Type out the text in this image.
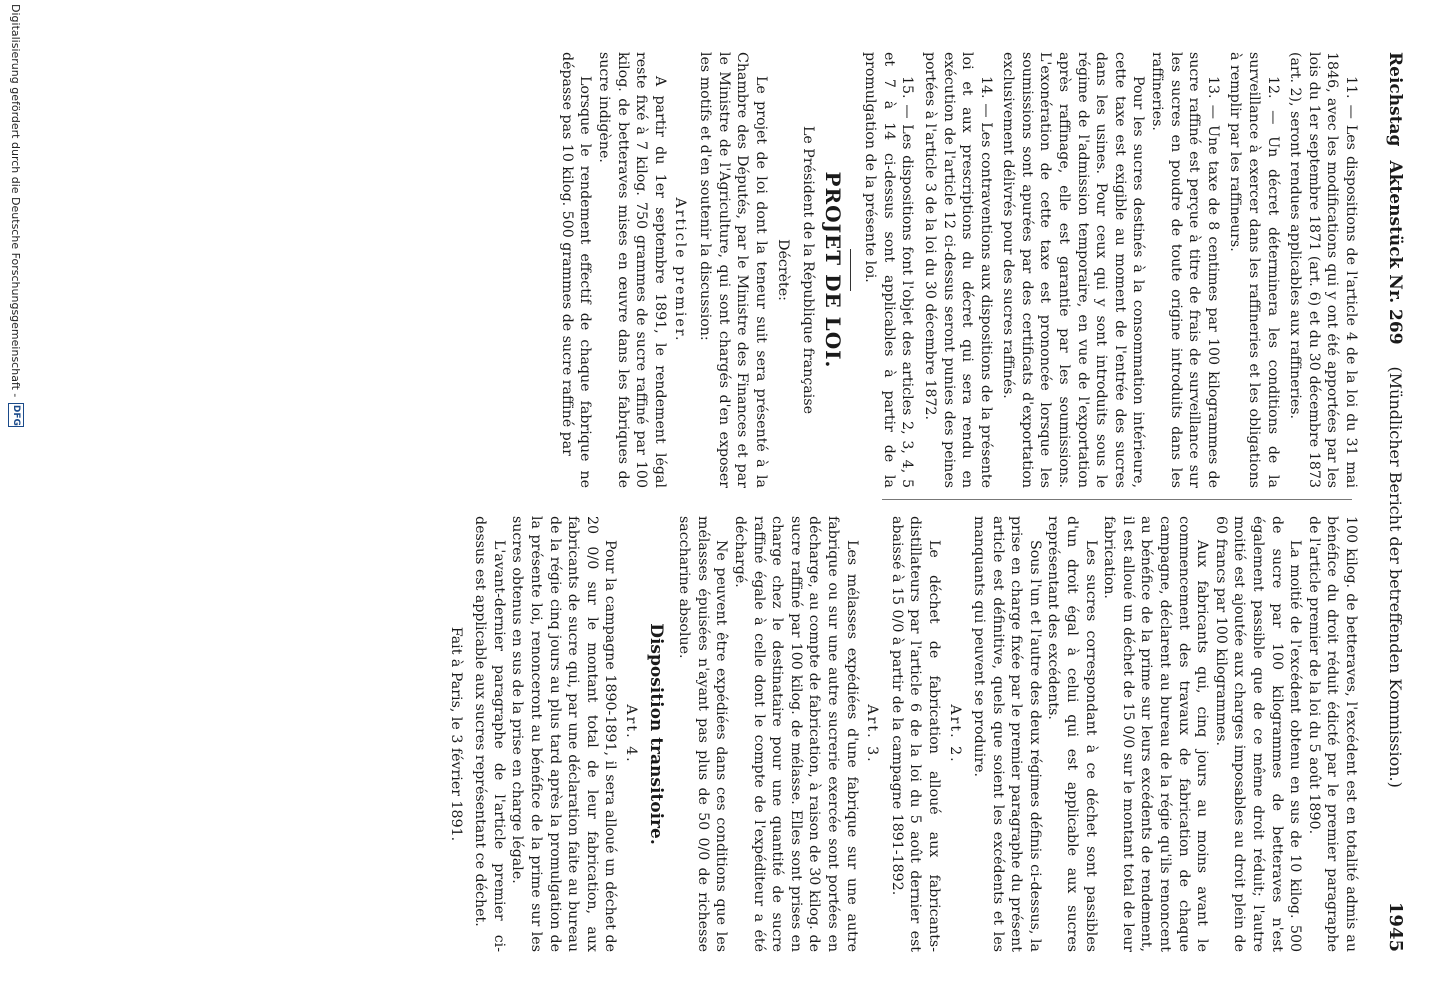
ReichstagAktenstück Nr. 269
(Mündlicher Bericht der betreffenden Kommission.)
1945

11. — Les dispositions de l'article 4 de la loi du 31 mai 1846, avec les modifications qui y ont été apportées par les lois du 1er septembre 1871 (art. 6) et du 30 décembre 1873 (art. 2), seront rendues applicables aux raffineries.

12. — Un décret déterminera les conditions de la surveillance à exercer dans les raffineries et les obligations à remplir par les raffineurs.

13. — Une taxe de 8 centimes par 100 kilogrammes de sucre raffiné est perçue à titre de frais de surveillance sur les sucres en poudre de toute origine introduits dans les raffineries.

Pour les sucres destinés à la consommation intérieure, cette taxe est exigible au moment de l'entrée des sucres dans les usines. Pour ceux qui y sont introduits sous le régime de l'admission temporaire, en vue de l'exportation après raffinage, elle est garantie par les soumissions. L'exonération de cette taxe est prononcée lorsque les soumissions sont apurées par des certificats d'exportation exclusivement délivrés pour des sucres raffinés.

14. — Les contraventions aux dispositions de la présente loi et aux prescriptions du décret qui sera rendu en exécution de l'article 12 ci-dessus seront punies des peines portées à l'article 3 de la loi du 30 décembre 1872.

15. — Les dispositions font l'objet des articles 2, 3, 4, 5 et 7 à 14 ci-dessus sont applicables à partir de la promulgation de la présente loi.

PROJET DE LOI.

Le Président de la République française

Décrète:

Le projet de loi dont la teneur suit sera présenté à la Chambre des Députés, par le Ministre des Finances et par le Ministre de l'Agriculture, qui sont chargés d'en exposer les motifs et d'en soutenir la discussion:

Article premier.

A partir du 1er septembre 1891, le rendement légal reste fixé à 7 kilog. 750 grammes de sucre raffiné par 100 kilog. de betteraves mises en œuvre dans les fabriques de sucre indigène.

Lorsque le rendement effectif de chaque fabrique ne dépasse pas 10 kilog. 500 grammes de sucre raffiné par

100 kilog. de betteraves, l'excédent est en totalité admis au bénéfice du droit réduit édicté par le premier paragraphe de l'article premier de la loi du 5 août 1890.

La moitié de l'excédent obtenu en sus de 10 kilog. 500 de sucre par 100 kilogrammes de betteraves n'est également passible que de ce même droit réduit; l'autre moitié est ajoutée aux charges imposables au droit plein de 60 francs par 100 kilogrammes.

Aux fabricants qui, cinq jours au moins avant le commencement des travaux de fabrication de chaque campagne, déclarent au bureau de la régie qu'ils renoncent au bénéfice de la prime sur leurs excédents de rendement, il est alloué un déchet de 15 0/0 sur le montant total de leur fabrication.

Les sucres correspondant à ce déchet sont passibles d'un droit égal à celui qui est applicable aux sucres représentant des excédents.

Sous l'un et l'autre des deux régimes définis ci-dessus, la prise en charge fixée par le premier paragraphe du présent article est définitive, quels que soient les excédents et les manquants qui peuvent se produire.

Art. 2.

Le déchet de fabrication alloué aux fabricants-distillateurs par l'article 6 de la loi du 5 août dernier est abaissé à 15 0/0 à partir de la campagne 1891-1892.

Art. 3.

Les mélasses expédiées d'une fabrique sur une autre fabrique ou sur une autre sucrerie exercée sont portées en décharge, au compte de fabrication, à raison de 30 kilog. de sucre raffiné par 100 kilog. de mélasse. Elles sont prises en charge chez le destinataire pour une quantité de sucre raffiné égale à celle dont le compte de l'expéditeur a été déchargé.

Ne peuvent être expédiées dans ces conditions que les mélasses épuisées n'ayant pas plus de 50 0/0 de richesse saccharine absolue.

Disposition transitoire.

Art. 4.

Pour la campagne 1890-1891, il sera alloué un déchet de 20 0/0 sur le montant total de leur fabrication, aux fabricants de sucre qui, par une déclaration faite au bureau de la régie cinq jours au plus tard après la promulgation de la présente loi, renonceront au bénéfice de la prime sur les sucres obtenus en sus de la prise en charge légale.

L'avant-dernier paragraphe de l'article premier ci-dessus est applicable aux sucres représentant ce déchet.

Fait à Paris, le 3 février 1891.

Digitalisierung gefördert durch die Deutsche Forschungsgemeinschaft -
DFG
